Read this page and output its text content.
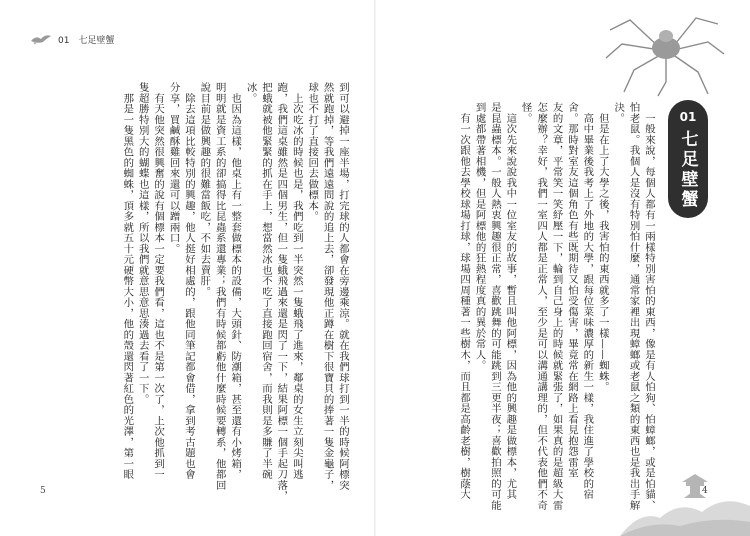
01　七足壁蟹
到可以避掉一座半場，打完球的人都會在旁邊乘涼。就在我們球打到一半的時候阿標突
然就跑掉，等我們遠遠問說的追上去，卻發現他正蹲在樹下很寶貝的捧著一隻金龜子，
球也不打了直接回去做標本。
　上次吃冰的時候也是，我們吃到一半突然一隻蛾飛了進來，鄰桌的女生立刻尖叫逃
跑，我們這桌雖然是四個男生，但一隻蛾飛過來還是閃了一下，結果阿標一個手起刀落，
把蛾就被他緊緊的抓在手上，想當然冰也不吃了直接跑回宿舍，而我則是多賺了半碗
冰。
　也因為這樣，他桌上有一整套做標本的設備，大頭針、防潮箱，甚至還有小烤箱，
明明就是資工系的卻搞得比昆蟲系還專業；我們有時候都虧他什麼時候要轉系，他都回
說目前是做興趣的很難當飯吃，不如去賣肝。
　除去這項比較特別的興趣，他人挺好相處的，跟他同筆記都會借，拿到考古題也會
分享，買鹹酥雞回來還可以蹭兩口。
　有天他突然很興奮的說有個標本一定要我們看，這也不是第一次了，上次他抓到一
隻超勝特別大的蝴蝶也這樣，所以我們就意思意思湊過去看了一下。
　那是一隻黑色的蜘蛛，頂多就五十元硬幣大小，他的殼還閃著紅色的光澤，第一眼
5
01
七足壁蟹
　一般來說，每個人都有一兩樣特別害怕的東西，像是有人怕狗、怕蟑螂，或是怕貓、
怕老鼠。我個人是沒有特別怕什麼，通常家裡出現蟑螂或老鼠之類的東西也是我出手解
決。
　但是在上了大學之後，我害怕的東西就多了一樣——蜘蛛。
　高中畢業後我考上了外地的大學，跟每位菜味濃厚的新生一樣，我住進了學校的宿
舍。那時對室友這個角色有些既期待又怕受傷害，畢竟常在網路上看見抱怨雷室
友的文章，平常笑一笑紓壓一下，輪到自己身上的時候就緊張了，如果真的是超級大雷
怎麼辦？幸好，我們一室四人都是正常人，至少是可以溝通講理的，但不代表他們不奇
怪。
　這次先來說說我中一位室友的故事，暫且叫他阿標，因為他的興趣是做標本，尤其
是昆蟲標本。一般人熱衷興趣很正常，喜歡跳舞的可能跳到三更半夜；喜歡拍照的可能
到處都帶著相機，但是阿標他的狂熱程度真的異於常人。
　有一次跟他去學校球場打球，球場四周種著一些樹木，而且都是高齡老樹，樹蔭大	4
